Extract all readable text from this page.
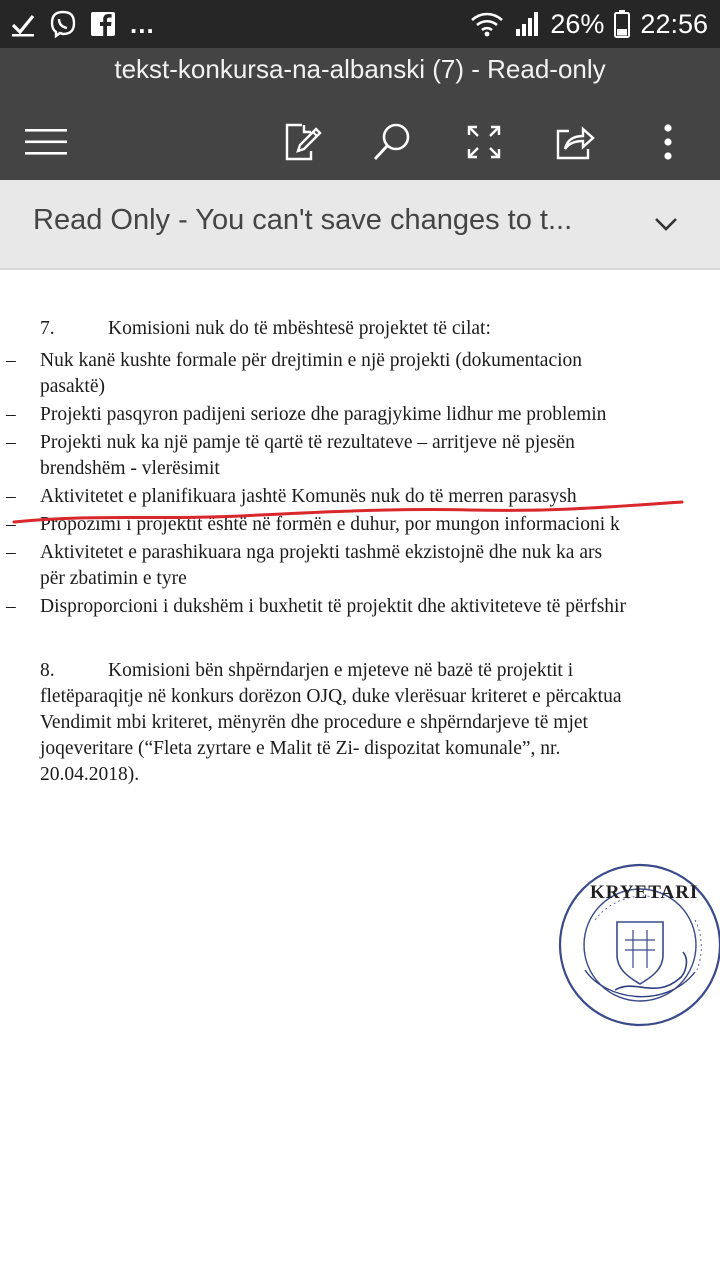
...	26% 22:56
tekst-konkursa-na-albanski (7) - Read-only
Read Only - You can't save changes to t...
7.	Komisioni nuk do të mbështesë projektet të cilat:
– Nuk kanë kushte formale për drejtimin e një projekti (dokumentacion
pasaktë)
– Projekti pasqyron padijeni serioze dhe paragjykime lidhur me problemin
– Projekti nuk ka një pamje të qartë të rezultateve – arritjeve në pjesën
brendshëm - vlerësimit
– Aktivitetet e planifikuara jashtë Komunës nuk do të merren parasysh
– Propozimi i projektit është në formën e duhur, por mungon informacioni k
– Aktivitetet e parashikuara nga projekti tashmë ekzistojnë dhe nuk ka ars
për zbatimin e tyre
– Disproporcioni i dukshëm i buxhetit të projektit dhe aktiviteteve të përfshir
8.	Komisioni bën shpërndarjen e mjeteve në bazë të projektit i
fletëparaqitje në konkurs dorëzon OJQ, duke vlerësuar kriteret e përcaktua
Vendimit mbi kriteret, mënyrën dhe procedure e shpërndarjeve të mjet
joqeveritare (“Fleta zyrtare e Malit të Zi- dispozitat komunale”, nr.
20.04.2018).
KRYETARI
